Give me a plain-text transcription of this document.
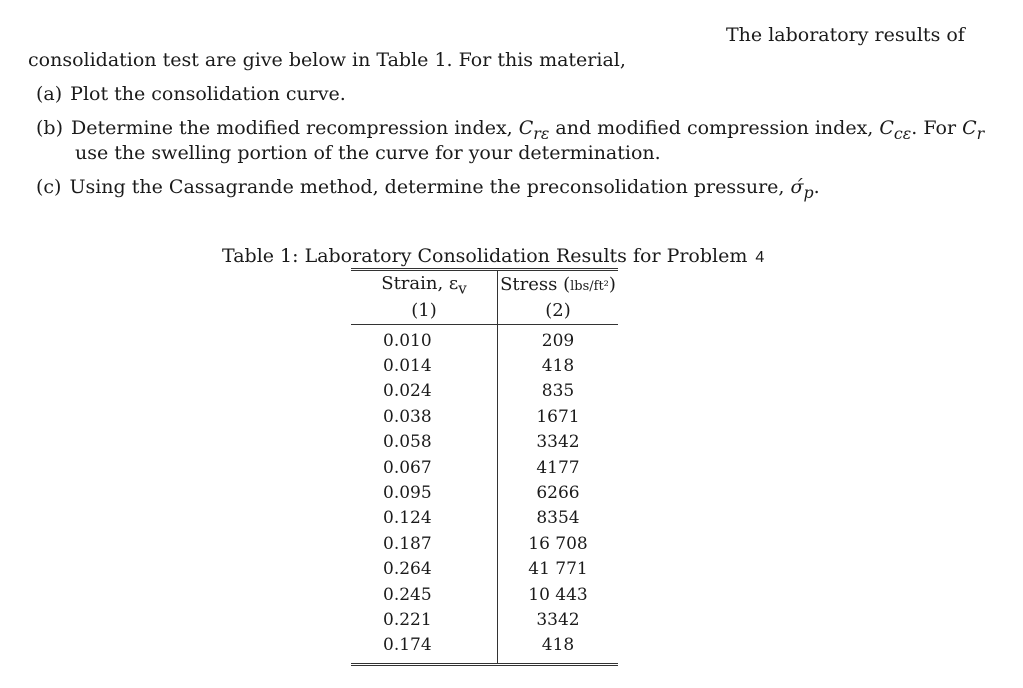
The laboratory results of
consolidation test are give below in Table 1. For this material,
(a) Plot the consolidation curve.
(b) Determine the modified recompression index, $C_{r\varepsilon}$ and modified compression index, $C_{c\varepsilon}$. For $C_r$
use the swelling portion of the curve for your determination.
(c) Using the Cassagrande method, determine the preconsolidation pressure, $\sigmá_p$.
Table 1: Laboratory Consolidation Results for Problem 4
Strain, $\varepsilon_v$	Stress (lbs/ft²)
(1)	(2)
0.010	209
0.014	418
0.024	835
0.038	1671
0.058	3342
0.067	4177
0.095	6266
0.124	8354
0.187	16 708
0.264	41 771
0.245	10 443
0.221	3342
0.174	418
